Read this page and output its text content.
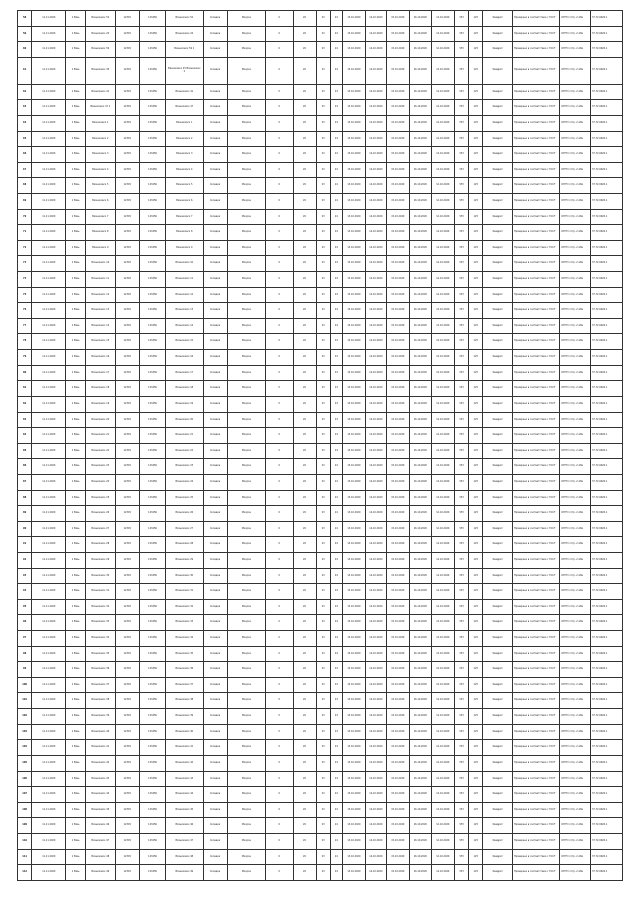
58	11.11.2020	1 Вязь	Вязниковск 52	12345	123456	Вязниковск 52	Складка	Мокрое	0	20	23	24	13.10.2020	14.10.2020	15.10.2020	16.10.2020	12.10.2020	333	125	Квадрат	Проверено в соответствии с ГОСТ	ОГРН 1 Стр. 2 Абв	37.72.0026.1
59	11.11.2020	1 Вязь	Вязниковск 24	12345	123456	Вязниковск 24	Складка	Мокрое	0	20	23	24	13.10.2020	14.10.2020	15.10.2020	16.10.2020	12.10.2020	333	125	Квадрат	Проверено в соответствии с ГОСТ	ОГРН 1 Стр. 2 Абв	37.72.0026.1
60	11.11.2020	1 Вязь	Вязниковск 59	12345	123456	Вязниковск 59 1	Складка	Мокрое	0	20	23	24	13.10.2020	14.10.2020	15.10.2020	16.10.2020	12.10.2020	333	125	Квадрат	Проверено в соответствии с ГОСТ	ОГРН 1 Стр. 2 Абв	37.72.0026.1
61	11.11.2020	1 Вязь	Вязниковск 45	12345	123456	Вязниковск 45 Вязниковск 2	Складка	Мокрое	0	20	23	24	13.10.2020	14.10.2020	15.10.2020	16.10.2020	12.10.2020	333	125	Квадрат	Проверено в соответствии с ГОСТ	ОГРН 1 Стр. 2 Абв	37.72.0026.1
62	11.11.2020	1 Вязь	Вязниковск 41	12345	123456	Вязниковск 41	Складка	Мокрое	0	20	23	24	13.10.2020	14.10.2020	15.10.2020	16.10.2020	12.10.2020	333	125	Квадрат	Проверено в соответствии с ГОСТ	ОГРН 1 Стр. 2 Абв	37.72.0026.1
63	11.11.2020	1 Вязь	Вязниковск 47 1	12345	123456	Вязниковск 47	Складка	Мокрое	0	20	23	24	13.10.2020	14.10.2020	15.10.2020	16.10.2020	12.10.2020	333	125	Квадрат	Проверено в соответствии с ГОСТ	ОГРН 1 Стр. 2 Абв	37.72.0026.1
64	11.11.2020	1 Вязь	Вязниковск 1	12345	123456	Вязниковск 1	Складка	Мокрое	0	20	23	24	13.10.2020	14.10.2020	15.10.2020	16.10.2020	12.10.2020	333	125	Квадрат	Проверено в соответствии с ГОСТ	ОГРН 1 Стр. 2 Абв	37.72.0026.1
65	11.11.2020	1 Вязь	Вязниковск 2	12345	123456	Вязниковск 2	Складка	Мокрое	0	20	23	24	13.10.2020	14.10.2020	15.10.2020	16.10.2020	12.10.2020	333	125	Квадрат	Проверено в соответствии с ГОСТ	ОГРН 1 Стр. 2 Абв	37.72.0026.1
66	11.11.2020	1 Вязь	Вязниковск 3	12345	123456	Вязниковск 3	Складка	Мокрое	0	20	23	24	13.10.2020	14.10.2020	15.10.2020	16.10.2020	12.10.2020	333	125	Квадрат	Проверено в соответствии с ГОСТ	ОГРН 1 Стр. 2 Абв	37.72.0026.1
67	11.11.2020	1 Вязь	Вязниковск 4	12345	123456	Вязниковск 4	Складка	Мокрое	0	20	23	24	13.10.2020	14.10.2020	15.10.2020	16.10.2020	12.10.2020	333	125	Квадрат	Проверено в соответствии с ГОСТ	ОГРН 1 Стр. 2 Абв	37.72.0026.1
68	11.11.2020	1 Вязь	Вязниковск 5	12345	123456	Вязниковск 5	Складка	Мокрое	0	20	23	24	13.10.2020	14.10.2020	15.10.2020	16.10.2020	12.10.2020	333	125	Квадрат	Проверено в соответствии с ГОСТ	ОГРН 1 Стр. 2 Абв	37.72.0026.1
69	11.11.2020	1 Вязь	Вязниковск 6	12345	123456	Вязниковск 6	Складка	Мокрое	0	20	23	24	13.10.2020	14.10.2020	15.10.2020	16.10.2020	12.10.2020	333	125	Квадрат	Проверено в соответствии с ГОСТ	ОГРН 1 Стр. 2 Абв	37.72.0026.1
70	11.11.2020	1 Вязь	Вязниковск 7	12345	123456	Вязниковск 7	Складка	Мокрое	0	20	23	24	13.10.2020	14.10.2020	15.10.2020	16.10.2020	12.10.2020	333	125	Квадрат	Проверено в соответствии с ГОСТ	ОГРН 1 Стр. 2 Абв	37.72.0026.1
71	11.11.2020	1 Вязь	Вязниковск 8	12345	123456	Вязниковск 8	Складка	Мокрое	0	20	23	24	13.10.2020	14.10.2020	15.10.2020	16.10.2020	12.10.2020	333	125	Квадрат	Проверено в соответствии с ГОСТ	ОГРН 1 Стр. 2 Абв	37.72.0026.1
72	11.11.2020	1 Вязь	Вязниковск 9	12345	123456	Вязниковск 9	Складка	Мокрое	0	20	23	24	13.10.2020	14.10.2020	15.10.2020	16.10.2020	12.10.2020	333	125	Квадрат	Проверено в соответствии с ГОСТ	ОГРН 1 Стр. 2 Абв	37.72.0026.1
73	11.11.2020	1 Вязь	Вязниковск 10	12345	123456	Вязниковск 10	Складка	Мокрое	0	20	23	24	13.10.2020	14.10.2020	15.10.2020	16.10.2020	12.10.2020	333	125	Квадрат	Проверено в соответствии с ГОСТ	ОГРН 1 Стр. 2 Абв	37.72.0026.1
74	11.11.2020	1 Вязь	Вязниковск 11	12345	123456	Вязниковск 11	Складка	Мокрое	0	20	23	24	13.10.2020	14.10.2020	15.10.2020	16.10.2020	12.10.2020	333	125	Квадрат	Проверено в соответствии с ГОСТ	ОГРН 1 Стр. 2 Абв	37.72.0026.1
75	11.11.2020	1 Вязь	Вязниковск 12	12345	123456	Вязниковск 12	Складка	Мокрое	0	20	23	24	13.10.2020	14.10.2020	15.10.2020	16.10.2020	12.10.2020	333	125	Квадрат	Проверено в соответствии с ГОСТ	ОГРН 1 Стр. 2 Абв	37.72.0026.1
76	11.11.2020	1 Вязь	Вязниковск 13	12345	123456	Вязниковск 13	Складка	Мокрое	0	20	23	24	13.10.2020	14.10.2020	15.10.2020	16.10.2020	12.10.2020	333	125	Квадрат	Проверено в соответствии с ГОСТ	ОГРН 1 Стр. 2 Абв	37.72.0026.1
77	11.11.2020	1 Вязь	Вязниковск 14	12345	123456	Вязниковск 14	Складка	Мокрое	0	20	23	24	13.10.2020	14.10.2020	15.10.2020	16.10.2020	12.10.2020	333	125	Квадрат	Проверено в соответствии с ГОСТ	ОГРН 1 Стр. 2 Абв	37.72.0026.1
78	11.11.2020	1 Вязь	Вязниковск 15	12345	123456	Вязниковск 15	Складка	Мокрое	0	20	23	24	13.10.2020	14.10.2020	15.10.2020	16.10.2020	12.10.2020	333	125	Квадрат	Проверено в соответствии с ГОСТ	ОГРН 1 Стр. 2 Абв	37.72.0026.1
79	11.11.2020	1 Вязь	Вязниковск 16	12345	123456	Вязниковск 16	Складка	Мокрое	0	20	23	24	13.10.2020	14.10.2020	15.10.2020	16.10.2020	12.10.2020	333	125	Квадрат	Проверено в соответствии с ГОСТ	ОГРН 1 Стр. 2 Абв	37.72.0026.1
80	11.11.2020	1 Вязь	Вязниковск 17	12345	123456	Вязниковск 17	Складка	Мокрое	0	20	23	24	13.10.2020	14.10.2020	15.10.2020	16.10.2020	12.10.2020	333	125	Квадрат	Проверено в соответствии с ГОСТ	ОГРН 1 Стр. 2 Абв	37.72.0026.1
81	11.11.2020	1 Вязь	Вязниковск 18	12345	123456	Вязниковск 18	Складка	Мокрое	0	20	23	24	13.10.2020	14.10.2020	15.10.2020	16.10.2020	12.10.2020	333	125	Квадрат	Проверено в соответствии с ГОСТ	ОГРН 1 Стр. 2 Абв	37.72.0026.1
82	11.11.2020	1 Вязь	Вязниковск 19	12345	123456	Вязниковск 19	Складка	Мокрое	0	20	23	24	13.10.2020	14.10.2020	15.10.2020	16.10.2020	12.10.2020	333	125	Квадрат	Проверено в соответствии с ГОСТ	ОГРН 1 Стр. 2 Абв	37.72.0026.1
83	11.11.2020	1 Вязь	Вязниковск 20	12345	123456	Вязниковск 20	Складка	Мокрое	0	20	23	24	13.10.2020	14.10.2020	15.10.2020	16.10.2020	12.10.2020	333	125	Квадрат	Проверено в соответствии с ГОСТ	ОГРН 1 Стр. 2 Абв	37.72.0026.1
84	11.11.2020	1 Вязь	Вязниковск 21	12345	123456	Вязниковск 21	Складка	Мокрое	0	20	23	24	13.10.2020	14.10.2020	15.10.2020	16.10.2020	12.10.2020	333	125	Квадрат	Проверено в соответствии с ГОСТ	ОГРН 1 Стр. 2 Абв	37.72.0026.1
85	11.11.2020	1 Вязь	Вязниковск 22	12345	123456	Вязниковск 22	Складка	Мокрое	0	20	23	24	13.10.2020	14.10.2020	15.10.2020	16.10.2020	12.10.2020	333	125	Квадрат	Проверено в соответствии с ГОСТ	ОГРН 1 Стр. 2 Абв	37.72.0026.1
86	11.11.2020	1 Вязь	Вязниковск 23	12345	123456	Вязниковск 23	Складка	Мокрое	0	20	23	24	13.10.2020	14.10.2020	15.10.2020	16.10.2020	12.10.2020	333	125	Квадрат	Проверено в соответствии с ГОСТ	ОГРН 1 Стр. 2 Абв	37.72.0026.1
87	11.11.2020	1 Вязь	Вязниковск 24	12345	123456	Вязниковск 24	Складка	Мокрое	0	20	23	24	13.10.2020	14.10.2020	15.10.2020	16.10.2020	12.10.2020	333	125	Квадрат	Проверено в соответствии с ГОСТ	ОГРН 1 Стр. 2 Абв	37.72.0026.1
88	11.11.2020	1 Вязь	Вязниковск 25	12345	123456	Вязниковск 25	Складка	Мокрое	0	20	23	24	13.10.2020	14.10.2020	15.10.2020	16.10.2020	12.10.2020	333	125	Квадрат	Проверено в соответствии с ГОСТ	ОГРН 1 Стр. 2 Абв	37.72.0026.1
89	11.11.2020	1 Вязь	Вязниковск 26	12345	123456	Вязниковск 26	Складка	Мокрое	0	20	23	24	13.10.2020	14.10.2020	15.10.2020	16.10.2020	12.10.2020	333	125	Квадрат	Проверено в соответствии с ГОСТ	ОГРН 1 Стр. 2 Абв	37.72.0026.1
90	11.11.2020	1 Вязь	Вязниковск 27	12345	123456	Вязниковск 27	Складка	Мокрое	0	20	23	24	13.10.2020	14.10.2020	15.10.2020	16.10.2020	12.10.2020	333	125	Квадрат	Проверено в соответствии с ГОСТ	ОГРН 1 Стр. 2 Абв	37.72.0026.1
91	11.11.2020	1 Вязь	Вязниковск 28	12345	123456	Вязниковск 28	Складка	Мокрое	0	20	23	24	13.10.2020	14.10.2020	15.10.2020	16.10.2020	12.10.2020	333	125	Квадрат	Проверено в соответствии с ГОСТ	ОГРН 1 Стр. 2 Абв	37.72.0026.1
92	11.11.2020	1 Вязь	Вязниковск 29	12345	123456	Вязниковск 29	Складка	Мокрое	0	20	23	24	13.10.2020	14.10.2020	15.10.2020	16.10.2020	12.10.2020	333	125	Квадрат	Проверено в соответствии с ГОСТ	ОГРН 1 Стр. 2 Абв	37.72.0026.1
93	11.11.2020	1 Вязь	Вязниковск 30	12345	123456	Вязниковск 30	Складка	Мокрое	0	20	23	24	13.10.2020	14.10.2020	15.10.2020	16.10.2020	12.10.2020	333	125	Квадрат	Проверено в соответствии с ГОСТ	ОГРН 1 Стр. 2 Абв	37.72.0026.1
94	11.11.2020	1 Вязь	Вязниковск 31	12345	123456	Вязниковск 31	Складка	Мокрое	0	20	23	24	13.10.2020	14.10.2020	15.10.2020	16.10.2020	12.10.2020	333	125	Квадрат	Проверено в соответствии с ГОСТ	ОГРН 1 Стр. 2 Абв	37.72.0026.1
95	11.11.2020	1 Вязь	Вязниковск 32	12345	123456	Вязниковск 32	Складка	Мокрое	0	20	23	24	13.10.2020	14.10.2020	15.10.2020	16.10.2020	12.10.2020	333	125	Квадрат	Проверено в соответствии с ГОСТ	ОГРН 1 Стр. 2 Абв	37.72.0026.1
96	11.11.2020	1 Вязь	Вязниковск 33	12345	123456	Вязниковск 33	Складка	Мокрое	0	20	23	24	13.10.2020	14.10.2020	15.10.2020	16.10.2020	12.10.2020	333	125	Квадрат	Проверено в соответствии с ГОСТ	ОГРН 1 Стр. 2 Абв	37.72.0026.1
97	11.11.2020	1 Вязь	Вязниковск 34	12345	123456	Вязниковск 34	Складка	Мокрое	0	20	23	24	13.10.2020	14.10.2020	15.10.2020	16.10.2020	12.10.2020	333	125	Квадрат	Проверено в соответствии с ГОСТ	ОГРН 1 Стр. 2 Абв	37.72.0026.1
98	11.11.2020	1 Вязь	Вязниковск 35	12345	123456	Вязниковск 35	Складка	Мокрое	0	20	23	24	13.10.2020	14.10.2020	15.10.2020	16.10.2020	12.10.2020	333	125	Квадрат	Проверено в соответствии с ГОСТ	ОГРН 1 Стр. 2 Абв	37.72.0026.1
99	11.11.2020	1 Вязь	Вязниковск 36	12345	123456	Вязниковск 36	Складка	Мокрое	0	20	23	24	13.10.2020	14.10.2020	15.10.2020	16.10.2020	12.10.2020	333	125	Квадрат	Проверено в соответствии с ГОСТ	ОГРН 1 Стр. 2 Абв	37.72.0026.1
100	11.11.2020	1 Вязь	Вязниковск 37	12345	123456	Вязниковск 37	Складка	Мокрое	0	20	23	24	13.10.2020	14.10.2020	15.10.2020	16.10.2020	12.10.2020	333	125	Квадрат	Проверено в соответствии с ГОСТ	ОГРН 1 Стр. 2 Абв	37.72.0026.1
101	11.11.2020	1 Вязь	Вязниковск 38	12345	123456	Вязниковск 38	Складка	Мокрое	0	20	23	24	13.10.2020	14.10.2020	15.10.2020	16.10.2020	12.10.2020	333	125	Квадрат	Проверено в соответствии с ГОСТ	ОГРН 1 Стр. 2 Абв	37.72.0026.1
102	11.11.2020	1 Вязь	Вязниковск 39	12345	123456	Вязниковск 39	Складка	Мокрое	0	20	23	24	13.10.2020	14.10.2020	15.10.2020	16.10.2020	12.10.2020	333	125	Квадрат	Проверено в соответствии с ГОСТ	ОГРН 1 Стр. 2 Абв	37.72.0026.1
103	11.11.2020	1 Вязь	Вязниковск 40	12345	123456	Вязниковск 40	Складка	Мокрое	0	20	23	24	13.10.2020	14.10.2020	15.10.2020	16.10.2020	12.10.2020	333	125	Квадрат	Проверено в соответствии с ГОСТ	ОГРН 1 Стр. 2 Абв	37.72.0026.1
104	11.11.2020	1 Вязь	Вязниковск 41	12345	123456	Вязниковск 41	Складка	Мокрое	0	20	23	24	13.10.2020	14.10.2020	15.10.2020	16.10.2020	12.10.2020	333	125	Квадрат	Проверено в соответствии с ГОСТ	ОГРН 1 Стр. 2 Абв	37.72.0026.1
105	11.11.2020	1 Вязь	Вязниковск 42	12345	123456	Вязниковск 42	Складка	Мокрое	0	20	23	24	13.10.2020	14.10.2020	15.10.2020	16.10.2020	12.10.2020	333	125	Квадрат	Проверено в соответствии с ГОСТ	ОГРН 1 Стр. 2 Абв	37.72.0026.1
106	11.11.2020	1 Вязь	Вязниковск 43	12345	123456	Вязниковск 43	Складка	Мокрое	0	20	23	24	13.10.2020	14.10.2020	15.10.2020	16.10.2020	12.10.2020	333	125	Квадрат	Проверено в соответствии с ГОСТ	ОГРН 1 Стр. 2 Абв	37.72.0026.1
107	11.11.2020	1 Вязь	Вязниковск 44	12345	123456	Вязниковск 44	Складка	Мокрое	0	20	23	24	13.10.2020	14.10.2020	15.10.2020	16.10.2020	12.10.2020	333	125	Квадрат	Проверено в соответствии с ГОСТ	ОГРН 1 Стр. 2 Абв	37.72.0026.1
108	11.11.2020	1 Вязь	Вязниковск 45	12345	123456	Вязниковск 45	Складка	Мокрое	0	20	23	24	13.10.2020	14.10.2020	15.10.2020	16.10.2020	12.10.2020	333	125	Квадрат	Проверено в соответствии с ГОСТ	ОГРН 1 Стр. 2 Абв	37.72.0026.1
109	11.11.2020	1 Вязь	Вязниковск 46	12345	123456	Вязниковск 46	Складка	Мокрое	0	20	23	24	13.10.2020	14.10.2020	15.10.2020	16.10.2020	12.10.2020	333	125	Квадрат	Проверено в соответствии с ГОСТ	ОГРН 1 Стр. 2 Абв	37.72.0026.1
110	11.11.2020	1 Вязь	Вязниковск 47	12345	123456	Вязниковск 47	Складка	Мокрое	0	20	23	24	13.10.2020	14.10.2020	15.10.2020	16.10.2020	12.10.2020	333	125	Квадрат	Проверено в соответствии с ГОСТ	ОГРН 1 Стр. 2 Абв	37.72.0026.1
111	11.11.2020	1 Вязь	Вязниковск 48	12345	123456	Вязниковск 48	Складка	Мокрое	0	20	23	24	13.10.2020	14.10.2020	15.10.2020	16.10.2020	12.10.2020	333	125	Квадрат	Проверено в соответствии с ГОСТ	ОГРН 1 Стр. 2 Абв	37.72.0026.1
112	11.11.2020	1 Вязь	Вязниковск 49	12345	123456	Вязниковск 49	Складка	Мокрое	0	20	23	24	13.10.2020	14.10.2020	15.10.2020	16.10.2020	12.10.2020	333	125	Квадрат	Проверено в соответствии с ГОСТ	ОГРН 1 Стр. 2 Абв	37.72.0026.1
